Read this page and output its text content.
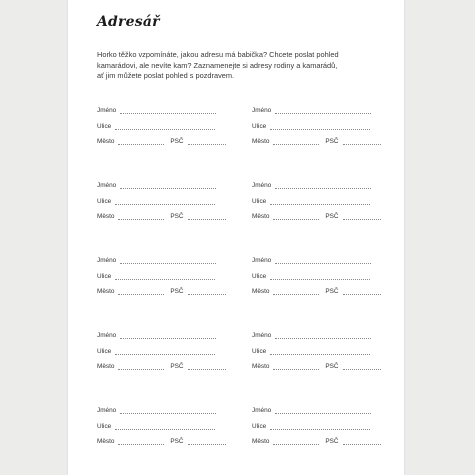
Adresář

Horko těžko vzpomínáte, jakou adresu má babička? Chcete poslat pohled

kamarádovi, ale nevíte kam? Zaznamenejte si adresy rodiny a kamarádů,

ať jim můžete poslat pohled s pozdravem.

Jméno
Ulice
Město	PSČ
Jméno
Ulice
Město	PSČ
Jméno
Ulice
Město	PSČ
Jméno
Ulice
Město	PSČ
Jméno
Ulice
Město	PSČ
Jméno
Ulice
Město	PSČ
Jméno
Ulice
Město	PSČ
Jméno
Ulice
Město	PSČ
Jméno
Ulice
Město	PSČ
Jméno
Ulice
Město	PSČ
